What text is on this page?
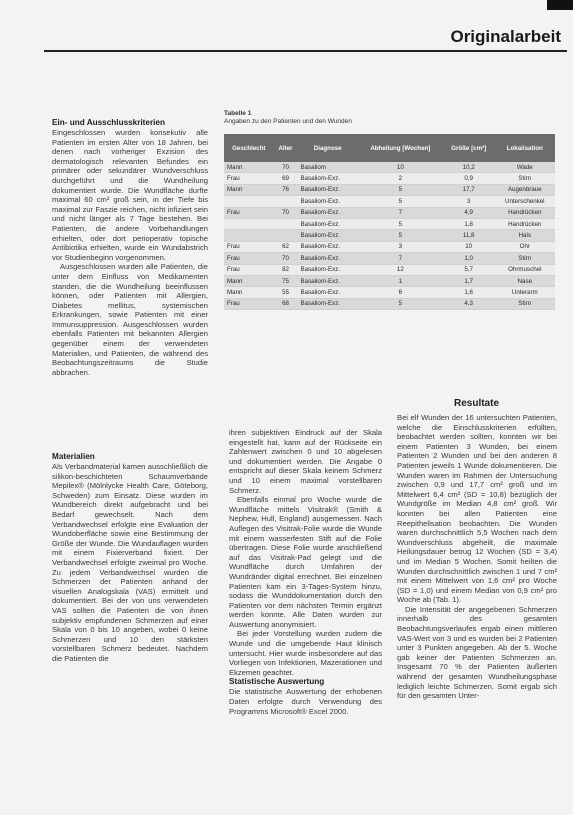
Originalarbeit

Ein- und Ausschlusskriterien

Eingeschlossen wurden konsekutiv alle Patienten im ersten Alter von 18 Jahren, bei denen nach vorheriger Exzision des dermatologisch relevanten Befundes ein primärer oder sekundärer Wundverschluss durchgeführt und die Wundheilung dokumentiert wurde. Die Wundfläche durfte maximal 60 cm² groß sein, in der Tiefe bis maximal zur Faszie reichen, nicht infiziert sein und nicht länger als 7 Tage bestehen. Bei Patienten, die andere Vorbehandlungen erhielten, oder dort perioperativ topische Antibiotika erhielten, wurde ein Wundabstrich vor Studienbeginn vorgenommen.

Ausgeschlossen wurden alle Patienten, die unter dem Einfluss von Medikamenten standen, die die Wundheilung beeinflussen können, oder Patienten mit Allergien, Diabetes mellitus, systemischen Erkrankungen, sowie Patienten mit einer Immunsuppression. Ausgeschlossen wurden ebenfalls Patienten mit bekannten Allergien gegenüber einem der verwendeten Materialien, und Patienten, die während des Beobachtungszeitraums die Studie abbrachen.

Materialien

Als Verbandmaterial kamen ausschließlich die silikon-beschichteten Schaumverbände Mepilex® (Mölnlycke Health Care, Göteborg, Schweden) zum Einsatz. Diese wurden im Wundbereich direkt aufgebracht und bei Bedarf gewechselt. Nach dem Verbandwechsel erfolgte eine Evaluation der Wundoberfläche sowie eine Bestimmung der Größe der Wunde. Die Wundauflagen wurden mit einem Fixierverband fixiert. Der Verbandwechsel erfolgte zweimal pro Woche. Zu jedem Verbandwechsel wurden die Schmerzen der Patienten anhand der visuellen Analogskala (VAS) ermittelt und dokumentiert. Bei der von uns verwendeten VAS sollten die Patienten die von ihnen subjektiv empfundenen Schmerzen auf einer Skala von 0 bis 10 angeben, wobei 0 keine Schmerzen und 10 den stärksten vorstellbaren Schmerz bedeutet. Nachdem die Patienten die

Tabelle 1
Angaben zu den Patienten und den Wunden
Geschlecht	Alter	Diagnose	Abheilung [Wochen]	Größe [cm²]	Lokalisation
Mann	70	Basaliom	10	10,2	Wade
Frau	69	Basaliom-Exz.	2	0,9	Stirn
Mann	76	Basaliom-Exz.	5	17,7	Augenbraue
		Basaliom-Exz.	5	3	Unterschenkel
Frau	70	Basaliom-Exz.	7	4,9	Handrücken
		Basaliom-Exz.	5	1,8	Handrücken
		Basaliom-Exz.	5	11,8	Hals
Frau	62	Basaliom-Exz.	3	10	Ohr
Frau	70	Basaliom-Exz.	7	1,0	Stirn
Frau	82	Basaliom-Exz.	12	5,7	Ohrmuschel
Mann	75	Basaliom-Exz.	1	1,7	Nase
Mann	55	Basaliom-Exz.	6	1,6	Unterarm
Frau	68	Basaliom-Exz.	5	4,3	Stirn

ihren subjektiven Eindruck auf der Skala eingestellt hat, kann auf der Rückseite ein Zahlenwert zwischen 0 und 10 abgelesen und dokumentiert werden. Die Angabe 0 entspricht auf dieser Skala keinem Schmerz und 10 einem maximal vorstellbaren Schmerz.

Ebenfalls einmal pro Woche wurde die Wundfläche mittels Visitrak® (Smith & Nephew, Hull, England) ausgemessen. Nach Auflegen des Visitrak-Folie wurde die Wunde mit einem wasserfesten Stift auf die Folie übertragen. Diese Folie wurde anschließend auf das Visitrak-Pad gelegt und die Wundfläche durch Umfahren der Wundränder digital errechnet. Bei einzelnen Patienten kam ein 3-Tages-System hinzu, sodass die Wunddokumentation durch den Patienten vor dem nächsten Termin ergänzt werden konnte. Alle Daten wurden zur Auswertung anonymisiert.

Bei jeder Vorstellung wurden zudem die Wunde und die umgebende Haut klinisch untersucht. Hier wurde insbesondere auf das Vorliegen von Infektionen, Mazerationen und Ekzemen geachtet.

Statistische Auswertung

Die statistische Auswertung der erhobenen Daten erfolgte durch Verwendung des Programms Microsoft® Excel 2000.

Resultate

Bei elf Wunden der 16 untersuchten Patienten, welche die Einschlusskriterien erfüllten, beobachtet werden sollten, konnten wir bei einem Patienten 3 Wunden, bei einem Patienten 2 Wunden und bei den anderen 8 Patienten jeweils 1 Wunde dokumentieren. Die Wunden waren im Rahmen der Untersuchung zwischen 0,9 und 17,7 cm² groß und im Mittelwert 6,4 cm² (SD = 10,8) bezüglich der Wundgröße im Median 4,8 cm² groß. Wir konnten bei allen Patienten eine Reepithelisation beobachten. Die Wunden waren durchschnittlich 5,5 Wochen nach dem Wundverschluss abgeheilt, die maximale Heilungsdauer betrug 12 Wochen (SD = 3,4) und im Median 5 Wochen. Somit heilten die Wunden durchschnittlich zwischen 1 und 7 cm² mit einem Mittelwert von 1,6 cm² pro Woche (SD = 1,0) und einem Median von 0,9 cm² pro Woche ab (Tab. 1).

Die Intensität der angegebenen Schmerzen innerhalb des gesamten Beobachtungsverlaufes ergab einen mittleren VAS-Wert von 3 und es wurden bei 2 Patienten unter 3 Punkten angegeben. Ab der 5. Woche gab keiner der Patienten Schmerzen an. Insgesamt 70 % der Patienten äußerten während der gesamten Wundheilungsphase lediglich leichte Schmerzen. Somit ergab sich für den gesamten Unter-
